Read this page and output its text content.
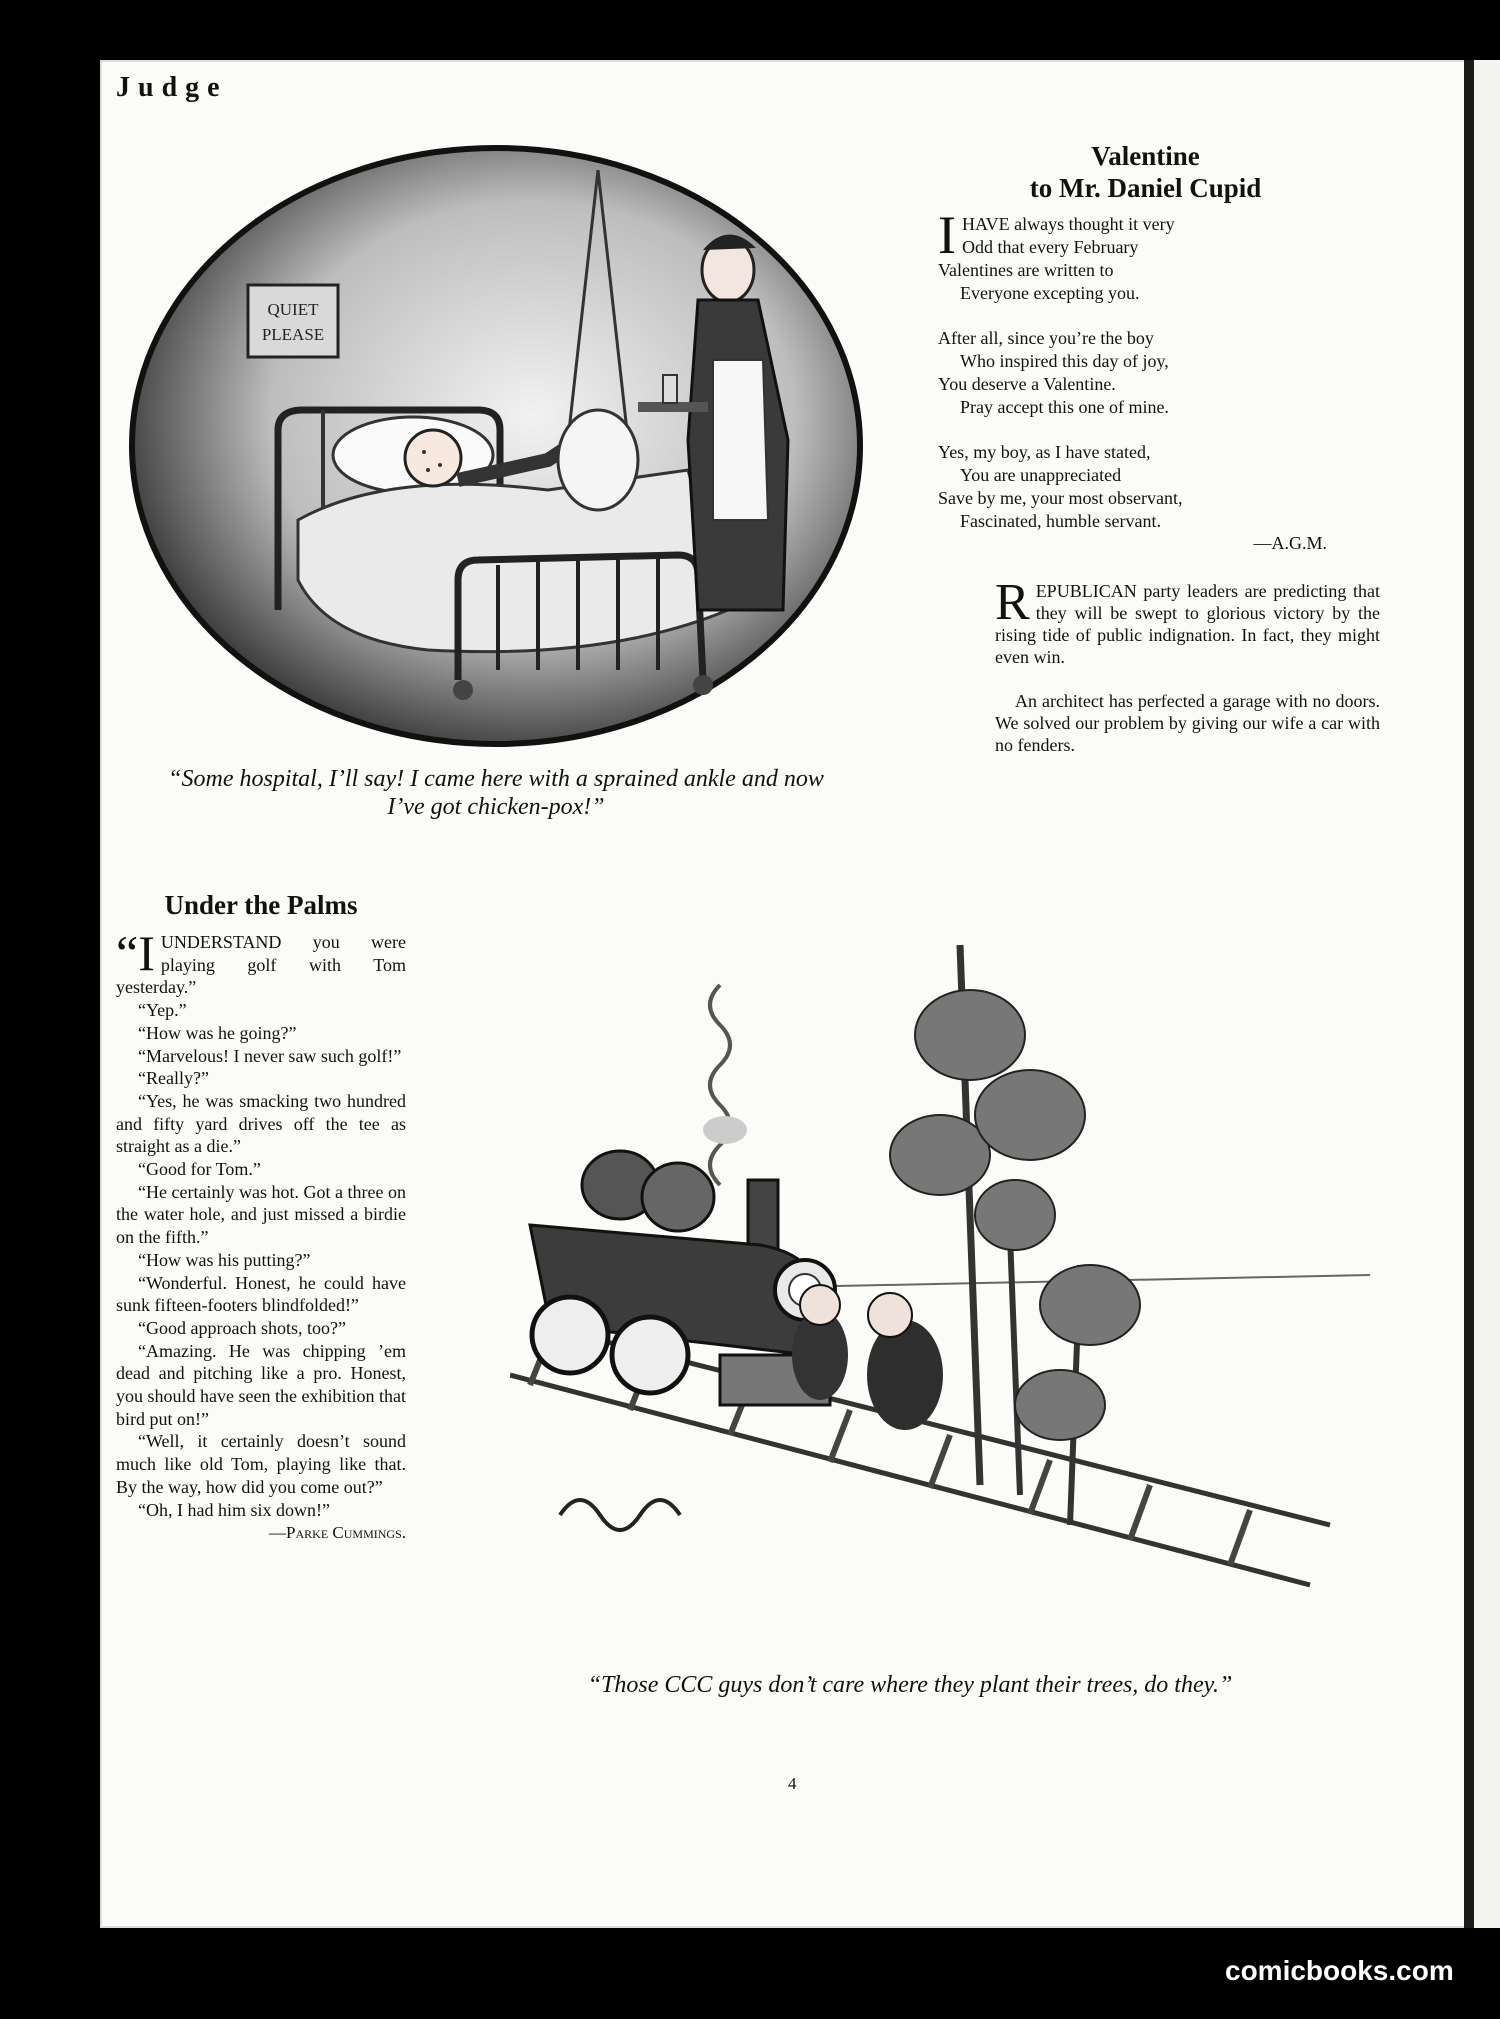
Judge
QUIET
PLEASE
“Some hospital, I’ll say! I came here with a sprained ankle and now I’ve got chicken-pox!”
Valentine
to Mr. Daniel Cupid
I HAVE always thought it very
Odd that every February
Valentines are written to
Everyone excepting you.
After all, since you’re the boy
Who inspired this day of joy,
You deserve a Valentine.
Pray accept this one of mine.
Yes, my boy, as I have stated,
You are unappreciated
Save by me, your most observant,
Fascinated, humble servant.
—A.G.M.

REPUBLICAN party leaders are predicting that they will be swept to glorious victory by the rising tide of public indignation. In fact, they might even win.

An architect has perfected a garage with no doors. We solved our problem by giving our wife a car with no fenders.

Under the Palms

“IUNDERSTAND you were playing golf with Tom yesterday.”

“Yep.”

“How was he going?”

“Marvelous! I never saw such golf!”

“Really?”

“Yes, he was smacking two hundred and fifty yard drives off the tee as straight as a die.”

“Good for Tom.”

“He certainly was hot. Got a three on the water hole, and just missed a birdie on the fifth.”

“How was his putting?”

“Wonderful. Honest, he could have sunk fifteen-footers blindfolded!”

“Good approach shots, too?”

“Amazing. He was chipping ’em dead and pitching like a pro. Honest, you should have seen the exhibition that bird put on!”

“Well, it certainly doesn’t sound much like old Tom, playing like that. By the way, how did you come out?”

“Oh, I had him six down!”

—Parke Cummings.
“Those CCC guys don’t care where they plant their trees, do they.”
4
comicbooks.com
